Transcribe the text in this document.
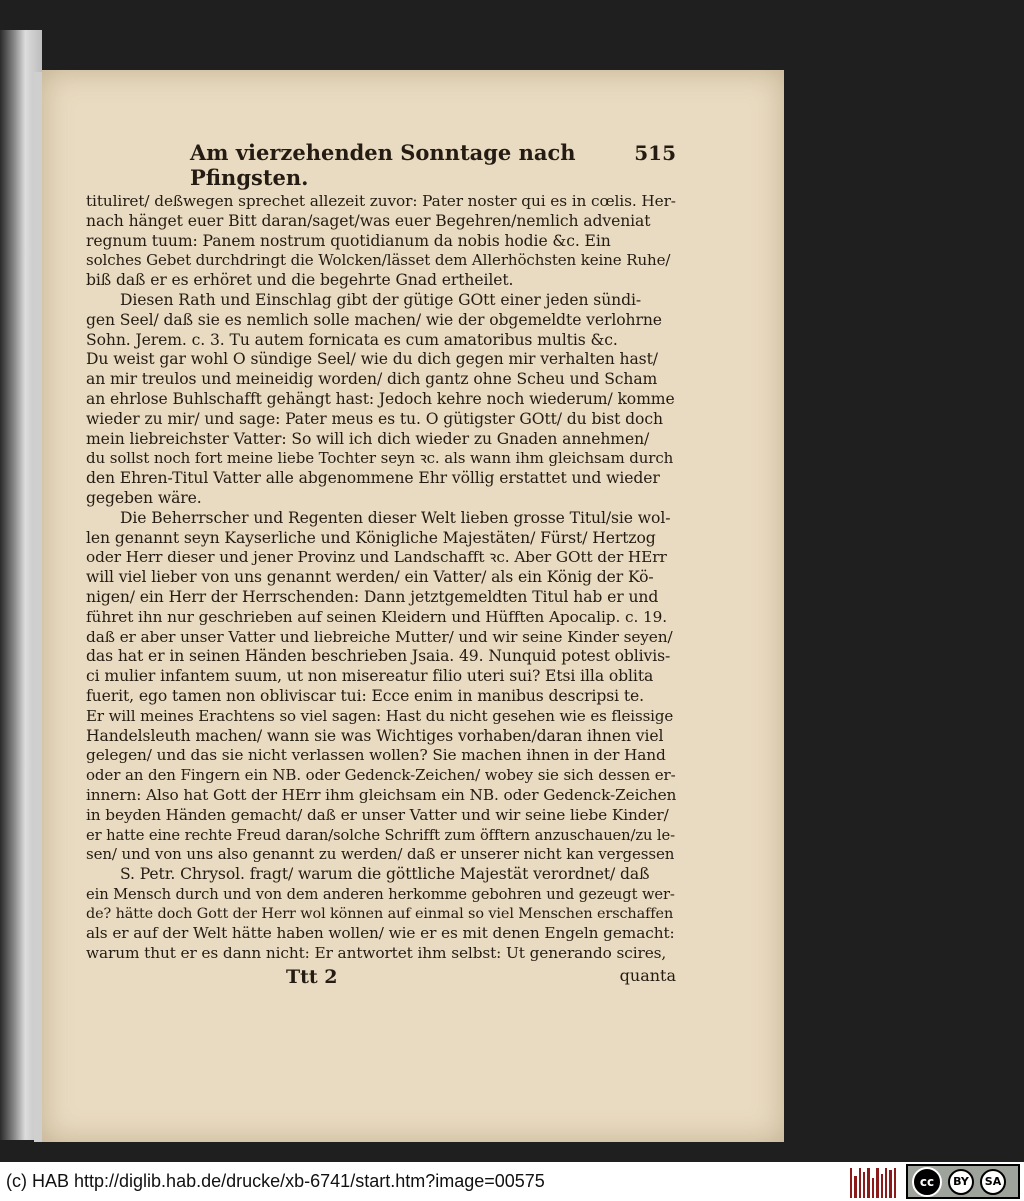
Am vierzehenden Sonntage nach Pfingsten.
515
tituliret/ deßwegen sprechet allezeit zuvor: Pater noster qui es in cœlis. Her-
nach hänget euer Bitt daran/saget/was euer Begehren/nemlich adveniat
regnum tuum: Panem nostrum quotidianum da nobis hodie &c. Ein
solches Gebet durchdringt die Wolcken/lässet dem Allerhöchsten keine Ruhe/
biß daß er es erhöret und die begehrte Gnad ertheilet.
Diesen Rath und Einschlag gibt der gütige GOtt einer jeden sündi-
gen Seel/ daß sie es nemlich solle machen/ wie der obgemeldte verlohrne
Sohn. Jerem. c. 3. Tu autem fornicata es cum amatoribus multis &c.
Du weist gar wohl O sündige Seel/ wie du dich gegen mir verhalten hast/
an mir treulos und meineidig worden/ dich gantz ohne Scheu und Scham
an ehrlose Buhlschafft gehängt hast: Jedoch kehre noch wiederum/ komme
wieder zu mir/ und sage: Pater meus es tu. O gütigster GOtt/ du bist doch
mein liebreichster Vatter: So will ich dich wieder zu Gnaden annehmen/
du sollst noch fort meine liebe Tochter seyn ꝛc. als wann ihm gleichsam durch
den Ehren-Titul Vatter alle abgenommene Ehr völlig erstattet und wieder
gegeben wäre.
Die Beherrscher und Regenten dieser Welt lieben grosse Titul/sie wol-
len genannt seyn Kayserliche und Königliche Majestäten/ Fürst/ Hertzog
oder Herr dieser und jener Provinz und Landschafft ꝛc. Aber GOtt der HErr
will viel lieber von uns genannt werden/ ein Vatter/ als ein König der Kö-
nigen/ ein Herr der Herrschenden: Dann jetztgemeldten Titul hab er und
führet ihn nur geschrieben auf seinen Kleidern und Hüfften Apocalip. c. 19.
daß er aber unser Vatter und liebreiche Mutter/ und wir seine Kinder seyen/
das hat er in seinen Händen beschrieben Jsaia. 49. Nunquid potest oblivis-
ci mulier infantem suum, ut non misereatur filio uteri sui? Etsi illa oblita
fuerit, ego tamen non obliviscar tui: Ecce enim in manibus descripsi te.
Er will meines Erachtens so viel sagen: Hast du nicht gesehen wie es fleissige
Handelsleuth machen/ wann sie was Wichtiges vorhaben/daran ihnen viel
gelegen/ und das sie nicht verlassen wollen? Sie machen ihnen in der Hand
oder an den Fingern ein NB. oder Gedenck-Zeichen/ wobey sie sich dessen er-
innern: Also hat Gott der HErr ihm gleichsam ein NB. oder Gedenck-Zeichen
in beyden Händen gemacht/ daß er unser Vatter und wir seine liebe Kinder/
er hatte eine rechte Freud daran/solche Schrifft zum öfftern anzuschauen/zu le-
sen/ und von uns also genannt zu werden/ daß er unserer nicht kan vergessen
S. Petr. Chrysol. fragt/ warum die göttliche Majestät verordnet/ daß
ein Mensch durch und von dem anderen herkomme gebohren und gezeugt wer-
de? hätte doch Gott der Herr wol können auf einmal so viel Menschen erschaffen
als er auf der Welt hätte haben wollen/ wie er es mit denen Engeln gemacht:
warum thut er es dann nicht: Er antwortet ihm selbst: Ut generando scires,
Ttt 2	quanta
(c) HAB http://diglib.hab.de/drucke/xb-6741/start.htm?image=00575	cc	BY	SA
